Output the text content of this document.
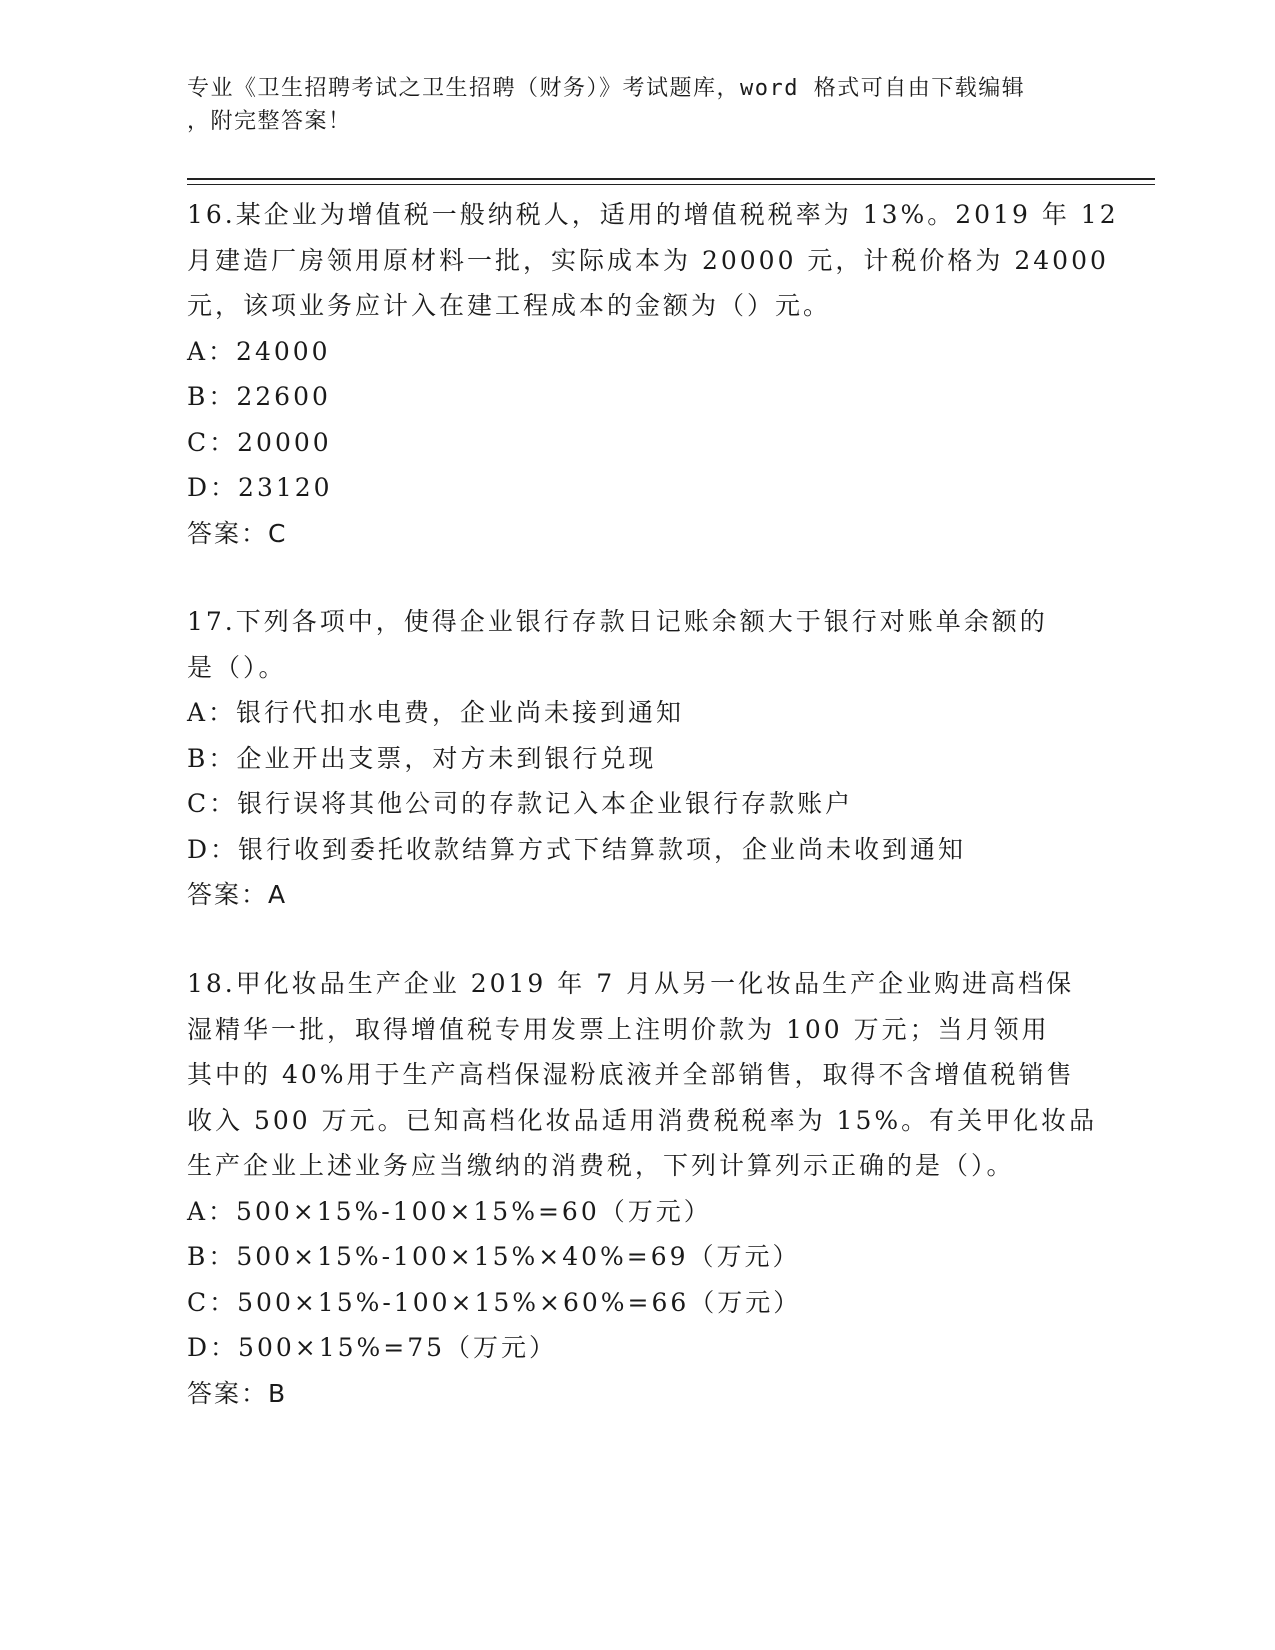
专业《卫生招聘考试之卫生招聘（财务）》考试题库，word 格式可自由下载编辑
，附完整答案！
16.某企业为增值税一般纳税人，适用的增值税税率为 13%。2019 年 12
月建造厂房领用原材料一批，实际成本为 20000 元，计税价格为 24000
元，该项业务应计入在建工程成本的金额为（）元。
A：24000
B：22600
C：20000
D：23120
答案：C
17.下列各项中，使得企业银行存款日记账余额大于银行对账单余额的
是（）。
A：银行代扣水电费，企业尚未接到通知
B：企业开出支票，对方未到银行兑现
C：银行误将其他公司的存款记入本企业银行存款账户
D：银行收到委托收款结算方式下结算款项，企业尚未收到通知
答案：A
18.甲化妆品生产企业 2019 年 7 月从另一化妆品生产企业购进高档保
湿精华一批，取得增值税专用发票上注明价款为 100 万元；当月领用
其中的 40%用于生产高档保湿粉底液并全部销售，取得不含增值税销售
收入 500 万元。已知高档化妆品适用消费税税率为 15%。有关甲化妆品
生产企业上述业务应当缴纳的消费税，下列计算列示正确的是（）。
A：500×15%-100×15%=60（万元）
B：500×15%-100×15%×40%=69（万元）
C：500×15%-100×15%×60%=66（万元）
D：500×15%=75（万元）
答案：B
